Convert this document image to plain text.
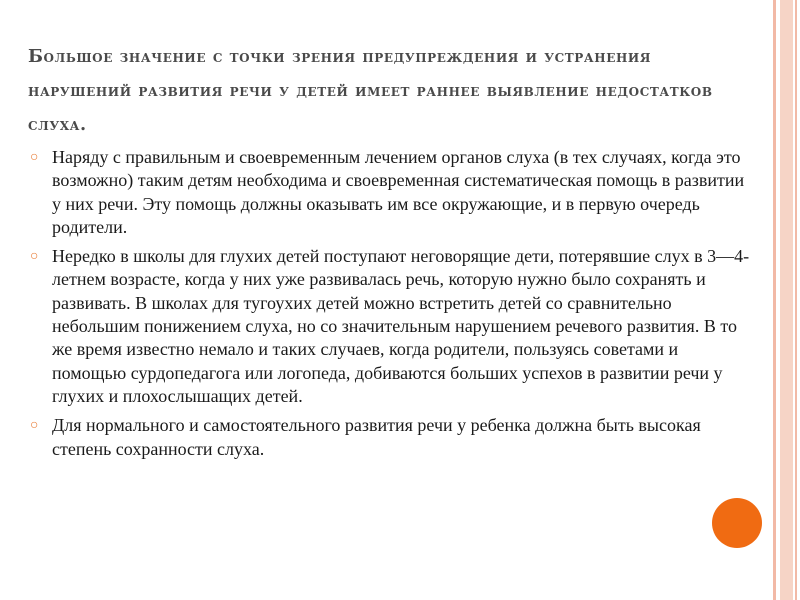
Большое значение с точки зрения предупреждения и устранения нарушений развития речи у детей имеет раннее выявление недостатков слуха.

○ Наряду с правильным и своевременным лечением органов слуха (в тех случаях, когда это возможно) таким детям необходима и своевременная систематическая помощь в развитии у них речи. Эту помощь должны оказывать им все окружающие, и в первую очередь родители.

○ Нередко в школы для глухих детей поступают неговорящие дети, потерявшие слух в 3—4-летнем возрасте, когда у них уже развивалась речь, которую нужно было сохранять и развивать. В школах для тугоухих детей можно встретить детей со сравнительно небольшим понижением слуха, но со значительным нарушением речевого развития. В то же время известно немало и таких случаев, когда родители, пользуясь советами и помощью сурдопедагога или логопеда, добиваются больших успехов в развитии речи у глухих и плохослышащих детей.

○ Для нормального и самостоятельного развития речи у ребенка должна быть высокая степень сохранности слуха.
